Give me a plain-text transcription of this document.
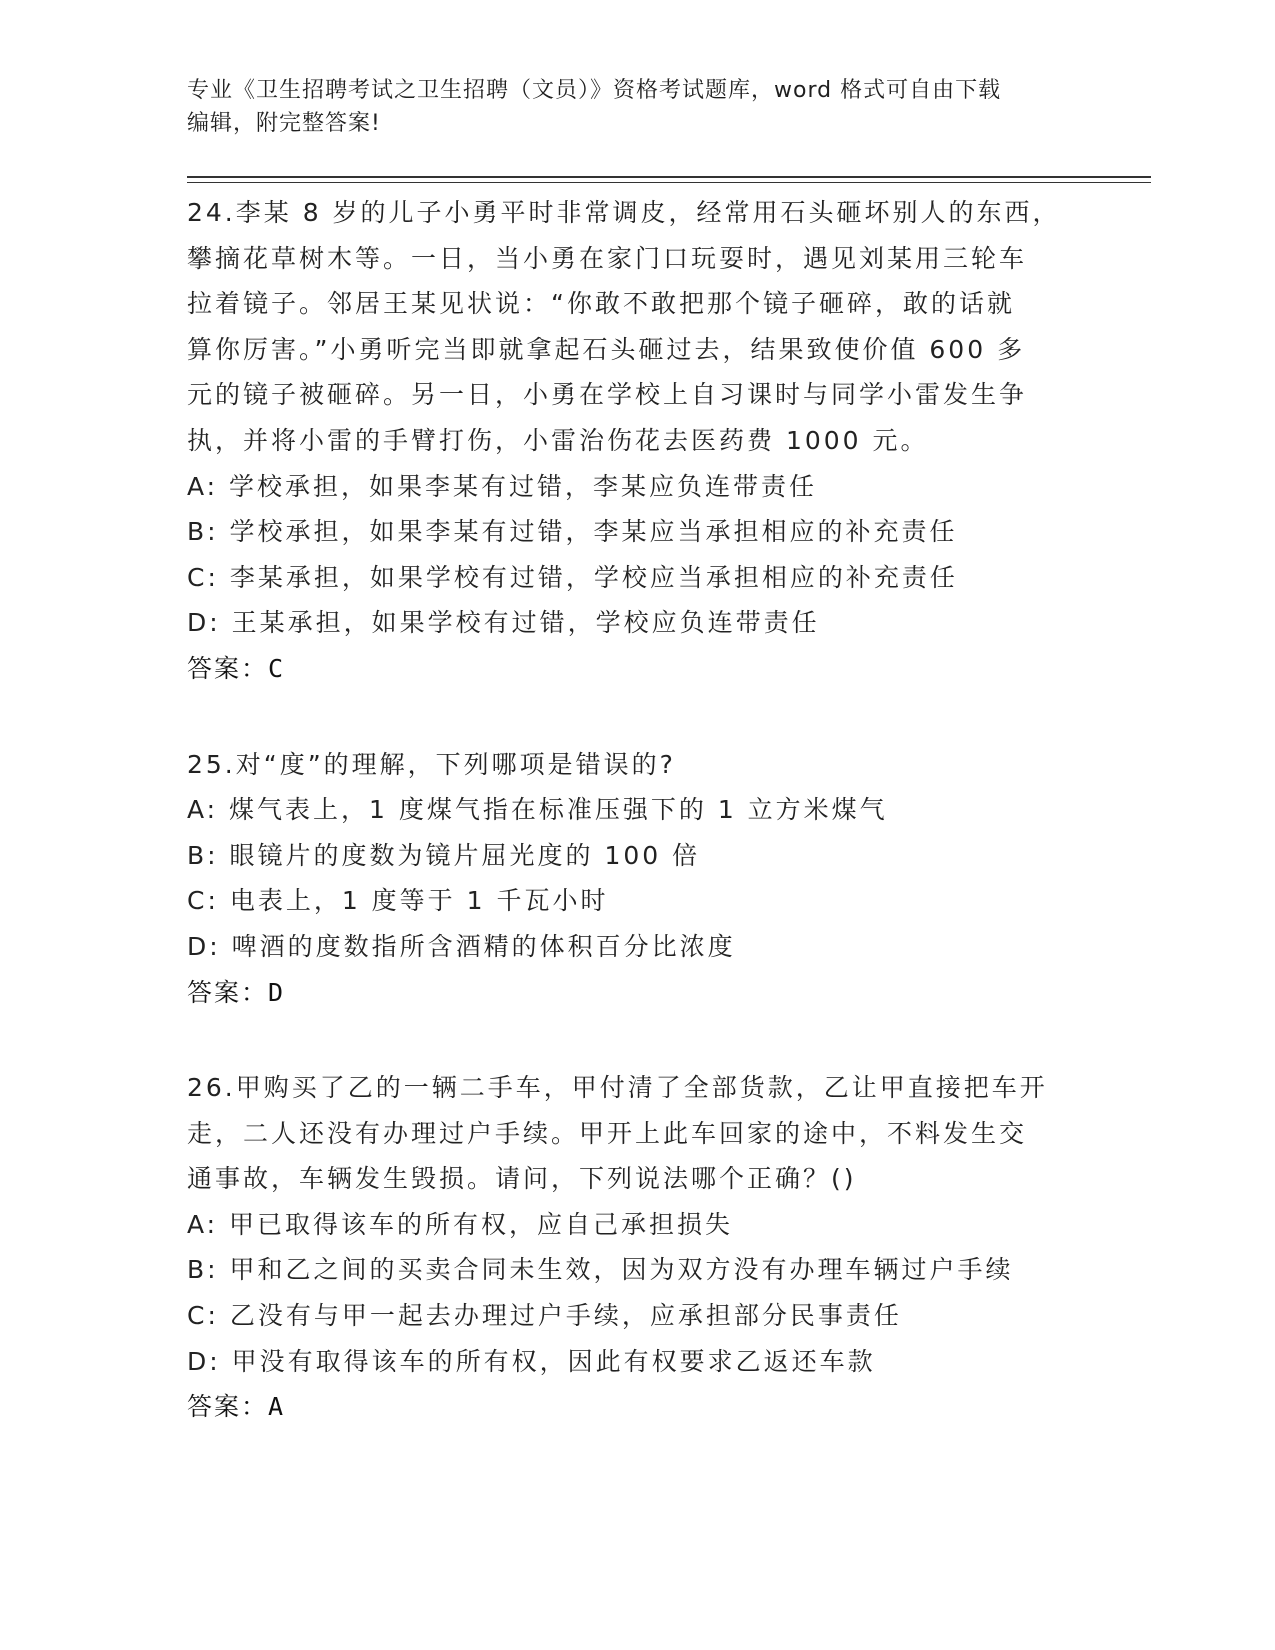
专业《卫生招聘考试之卫生招聘（文员）》资格考试题库，word 格式可自由下载
编辑，附完整答案!
24.李某 8 岁的儿子小勇平时非常调皮，经常用石头砸坏别人的东西，
攀摘花草树木等。一日，当小勇在家门口玩耍时，遇见刘某用三轮车
拉着镜子。邻居王某见状说：“你敢不敢把那个镜子砸碎，敢的话就
算你厉害。”小勇听完当即就拿起石头砸过去，结果致使价值 600 多
元的镜子被砸碎。另一日，小勇在学校上自习课时与同学小雷发生争
执，并将小雷的手臂打伤，小雷治伤花去医药费 1000 元。
A: 学校承担，如果李某有过错，李某应负连带责任
B: 学校承担，如果李某有过错，李某应当承担相应的补充责任
C: 李某承担，如果学校有过错，学校应当承担相应的补充责任
D: 王某承担，如果学校有过错，学校应负连带责任
答案：C
25.对“度”的理解，下列哪项是错误的?
A: 煤气表上，1 度煤气指在标准压强下的 1 立方米煤气
B: 眼镜片的度数为镜片屈光度的 100 倍
C: 电表上，1 度等于 1 千瓦小时
D: 啤酒的度数指所含酒精的体积百分比浓度
答案：D
26.甲购买了乙的一辆二手车，甲付清了全部货款，乙让甲直接把车开
走，二人还没有办理过户手续。甲开上此车回家的途中，不料发生交
通事故，车辆发生毁损。请问，下列说法哪个正确？()
A: 甲已取得该车的所有权，应自己承担损失
B: 甲和乙之间的买卖合同未生效，因为双方没有办理车辆过户手续
C: 乙没有与甲一起去办理过户手续，应承担部分民事责任
D: 甲没有取得该车的所有权，因此有权要求乙返还车款
答案：A
